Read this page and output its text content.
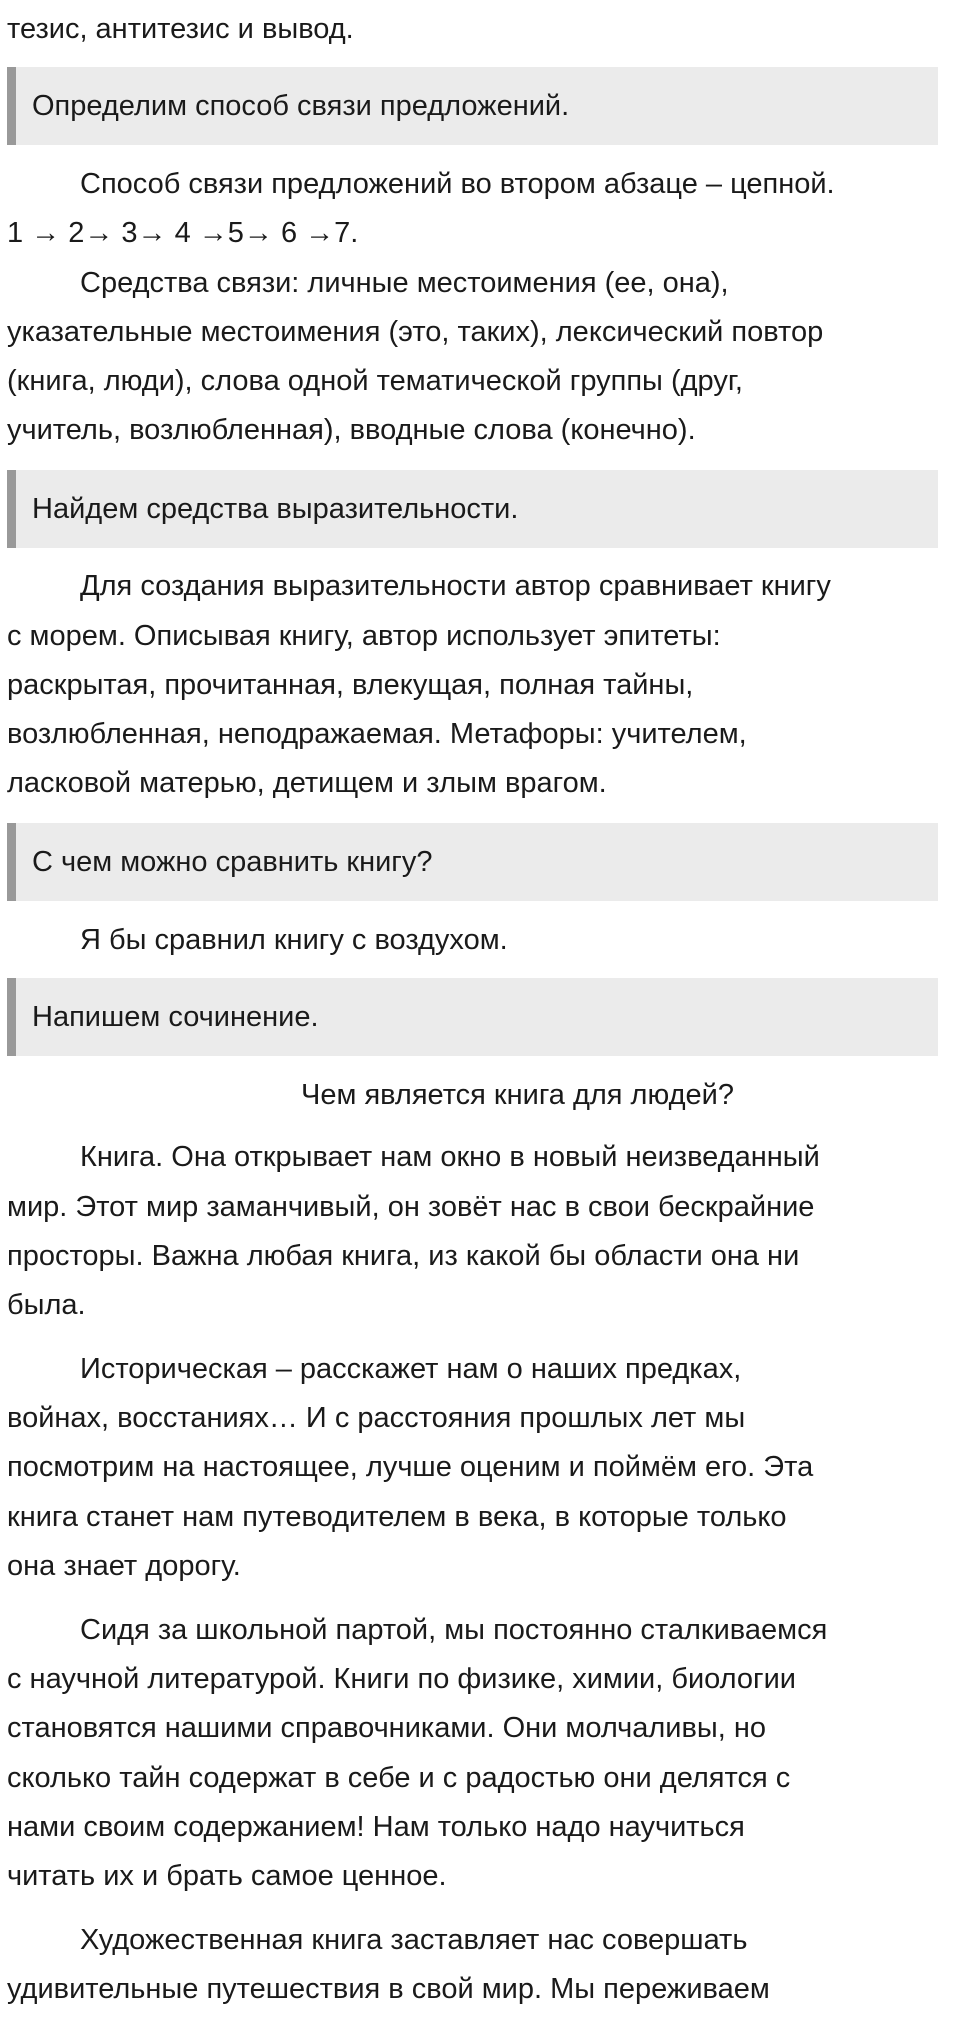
тезис, антитезис и вывод.
Определим способ связи предложений.
Способ связи предложений во втором абзаце – цепной.
1 → 2→ 3→ 4 →5→ 6 →7.
Средства связи: личные местоимения (ее, она),
указательные местоимения (это, таких), лексический повтор
(книга, люди), слова одной тематической группы (друг,
учитель, возлюбленная), вводные слова (конечно).
Найдем средства выразительности.
Для создания выразительности автор сравнивает книгу
с морем. Описывая книгу, автор использует эпитеты:
раскрытая, прочитанная, влекущая, полная тайны,
возлюбленная, неподражаемая. Метафоры: учителем,
ласковой матерью, детищем и злым врагом.
С чем можно сравнить книгу?
Я бы сравнил книгу с воздухом.
Напишем сочинение.
Чем является книга для людей?
Книга. Она открывает нам окно в новый неизведанный
мир. Этот мир заманчивый, он зовёт нас в свои бескрайние
просторы. Важна любая книга, из какой бы области она ни
была.
Историческая – расскажет нам о наших предках,
войнах, восстаниях… И с расстояния прошлых лет мы
посмотрим на настоящее, лучше оценим и поймём его. Эта
книга станет нам путеводителем в века, в которые только
она знает дорогу.
Сидя за школьной партой, мы постоянно сталкиваемся
с научной литературой. Книги по физике, химии, биологии
становятся нашими справочниками. Они молчаливы, но
сколько тайн содержат в себе и с радостью они делятся с
нами своим содержанием! Нам только надо научиться
читать их и брать самое ценное.
Художественная книга заставляет нас совершать
удивительные путешествия в свой мир. Мы переживаем
